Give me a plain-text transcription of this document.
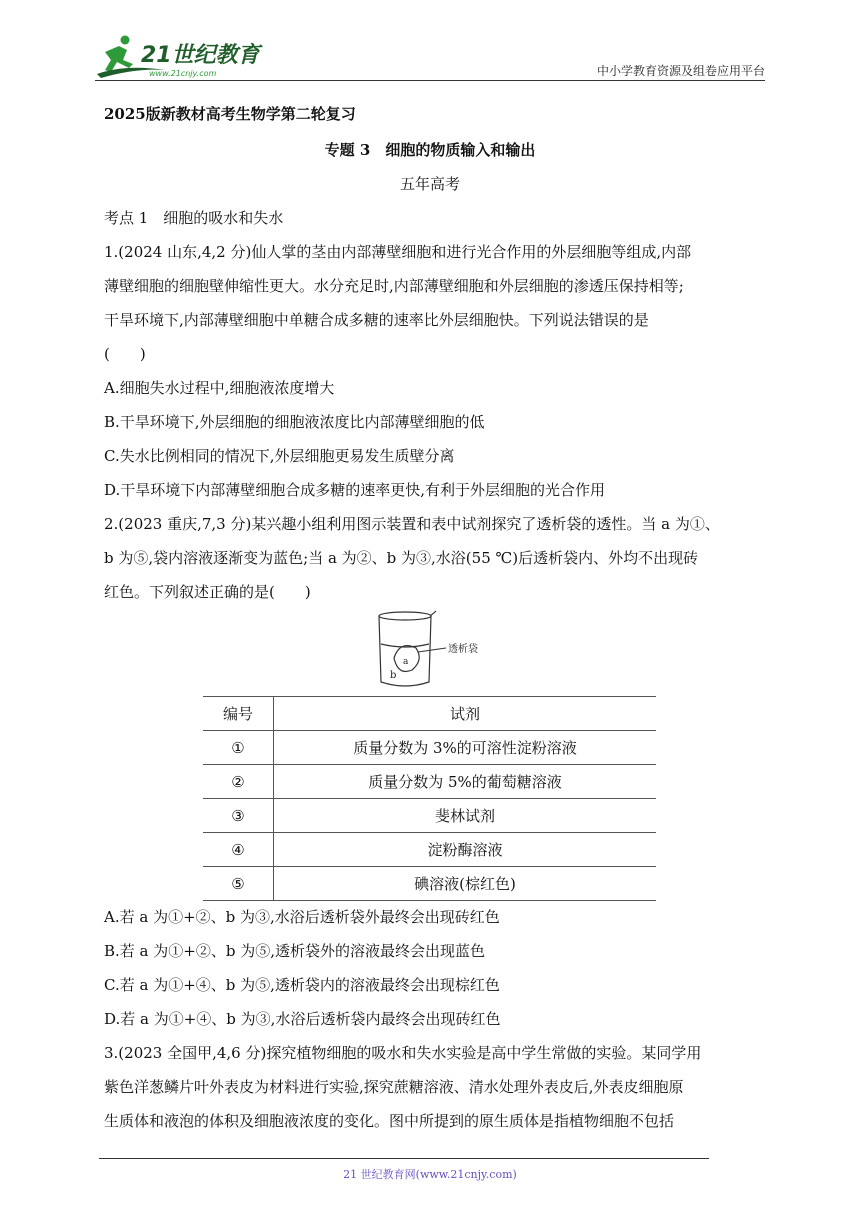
21世纪教育
www.21cnjy.com	中小学教育资源及组卷应用平台
2025版新教材高考生物学第二轮复习
专题 3　细胞的物质输入和输出
五年高考
考点 1　细胞的吸水和失水
1.(2024 山东,4,2 分)仙人掌的茎由内部薄壁细胞和进行光合作用的外层细胞等组成,内部
薄壁细胞的细胞壁伸缩性更大。水分充足时,内部薄壁细胞和外层细胞的渗透压保持相等;
干旱环境下,内部薄壁细胞中单糖合成多糖的速率比外层细胞快。下列说法错误的是
(　　)
A.细胞失水过程中,细胞液浓度增大
B.干旱环境下,外层细胞的细胞液浓度比内部薄壁细胞的低
C.失水比例相同的情况下,外层细胞更易发生质壁分离
D.干旱环境下内部薄壁细胞合成多糖的速率更快,有利于外层细胞的光合作用
2.(2023 重庆,7,3 分)某兴趣小组利用图示装置和表中试剂探究了透析袋的透性。当 a 为①、
b 为⑤,袋内溶液逐渐变为蓝色;当 a 为②、b 为③,水浴(55 ℃)后透析袋内、外均不出现砖
红色。下列叙述正确的是(　　)
透析袋
a
b
编号	试剂
①	质量分数为 3%的可溶性淀粉溶液
②	质量分数为 5%的葡萄糖溶液
③	斐林试剂
④	淀粉酶溶液
⑤	碘溶液(棕红色)
A.若 a 为①+②、b 为③,水浴后透析袋外最终会出现砖红色
B.若 a 为①+②、b 为⑤,透析袋外的溶液最终会出现蓝色
C.若 a 为①+④、b 为⑤,透析袋内的溶液最终会出现棕红色
D.若 a 为①+④、b 为③,水浴后透析袋内最终会出现砖红色
3.(2023 全国甲,4,6 分)探究植物细胞的吸水和失水实验是高中学生常做的实验。某同学用
紫色洋葱鳞片叶外表皮为材料进行实验,探究蔗糖溶液、清水处理外表皮后,外表皮细胞原
生质体和液泡的体积及细胞液浓度的变化。图中所提到的原生质体是指植物细胞不包括
21 世纪教育网(www.21cnjy.com)
